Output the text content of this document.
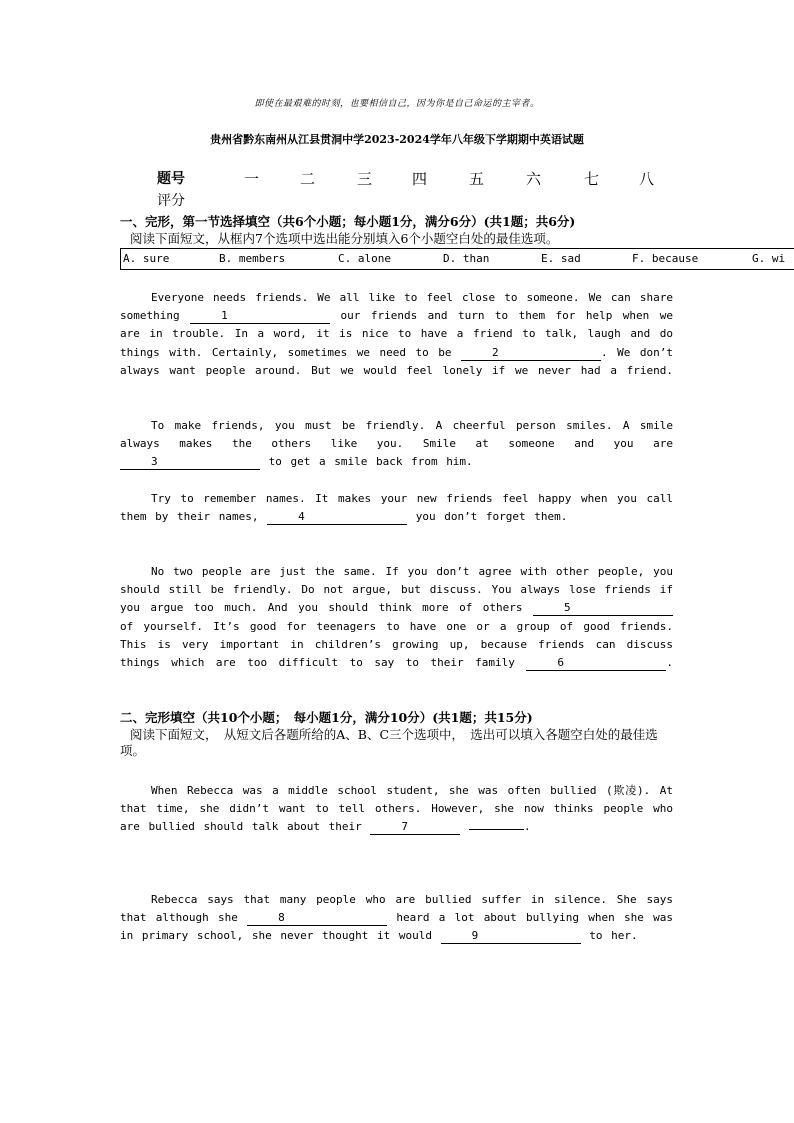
即使在最艰难的时刻，也要相信自己，因为你是自己命运的主宰者。
贵州省黔东南州从江县贯洞中学2023-2024学年八年级下学期期中英语试题
题号	一	二	三	四	五	六	七	八
评分
一、完形，第一节选择填空（共6个小题；每小题1分，满分6分）(共1题；共6分)
阅读下面短文，从框内7个选项中选出能分别填入6个小题空白处的最佳选项。
A. sure	B. members	C. alone	D. than	E. sad	F. because	G. wi
Everyone needs friends. We all like to feel close to someone. We can share something	1	our friends and turn to them for help when we are in trouble. In a word, it is nice to have a friend to talk, laugh and do things with. Certainly, sometimes we need to be	2	. We don’t always want people around. But we would feel lonely if we never had a friend.
To make friends, you must be friendly. A cheerful person smiles. A smile always makes the others like you. Smile at someone and you are 3	to get a smile back from him.
Try to remember names. It makes your new friends feel happy when you call them by their names,	4	you don’t forget them.
No two people are just the same. If you don’t agree with other people, you should still be friendly. Do not argue, but discuss. You always lose friends if you argue too much. And you should think more of others	5 of yourself. It’s good for teenagers to have one or a group of good friends. This is very important in children’s growing up, because friends can discuss things which are too difficult to say to their family	6	.
二、完形填空（共10个小题；　每小题1分，满分10分）(共1题；共15分)
阅读下面短文，　从短文后各题所给的A、B、C三个选项中，　选出可以填入各题空白处的最佳选项。
When Rebecca was a middle school student, she was often bullied (欺凌). At that time, she didn’t want to tell others. However, she now thinks people who are bullied should talk about their	7	.
Rebecca says that many people who are bullied suffer in silence. She says that although she	8	heard a lot about bullying when she was in primary school, she never thought it would	9	to her.
